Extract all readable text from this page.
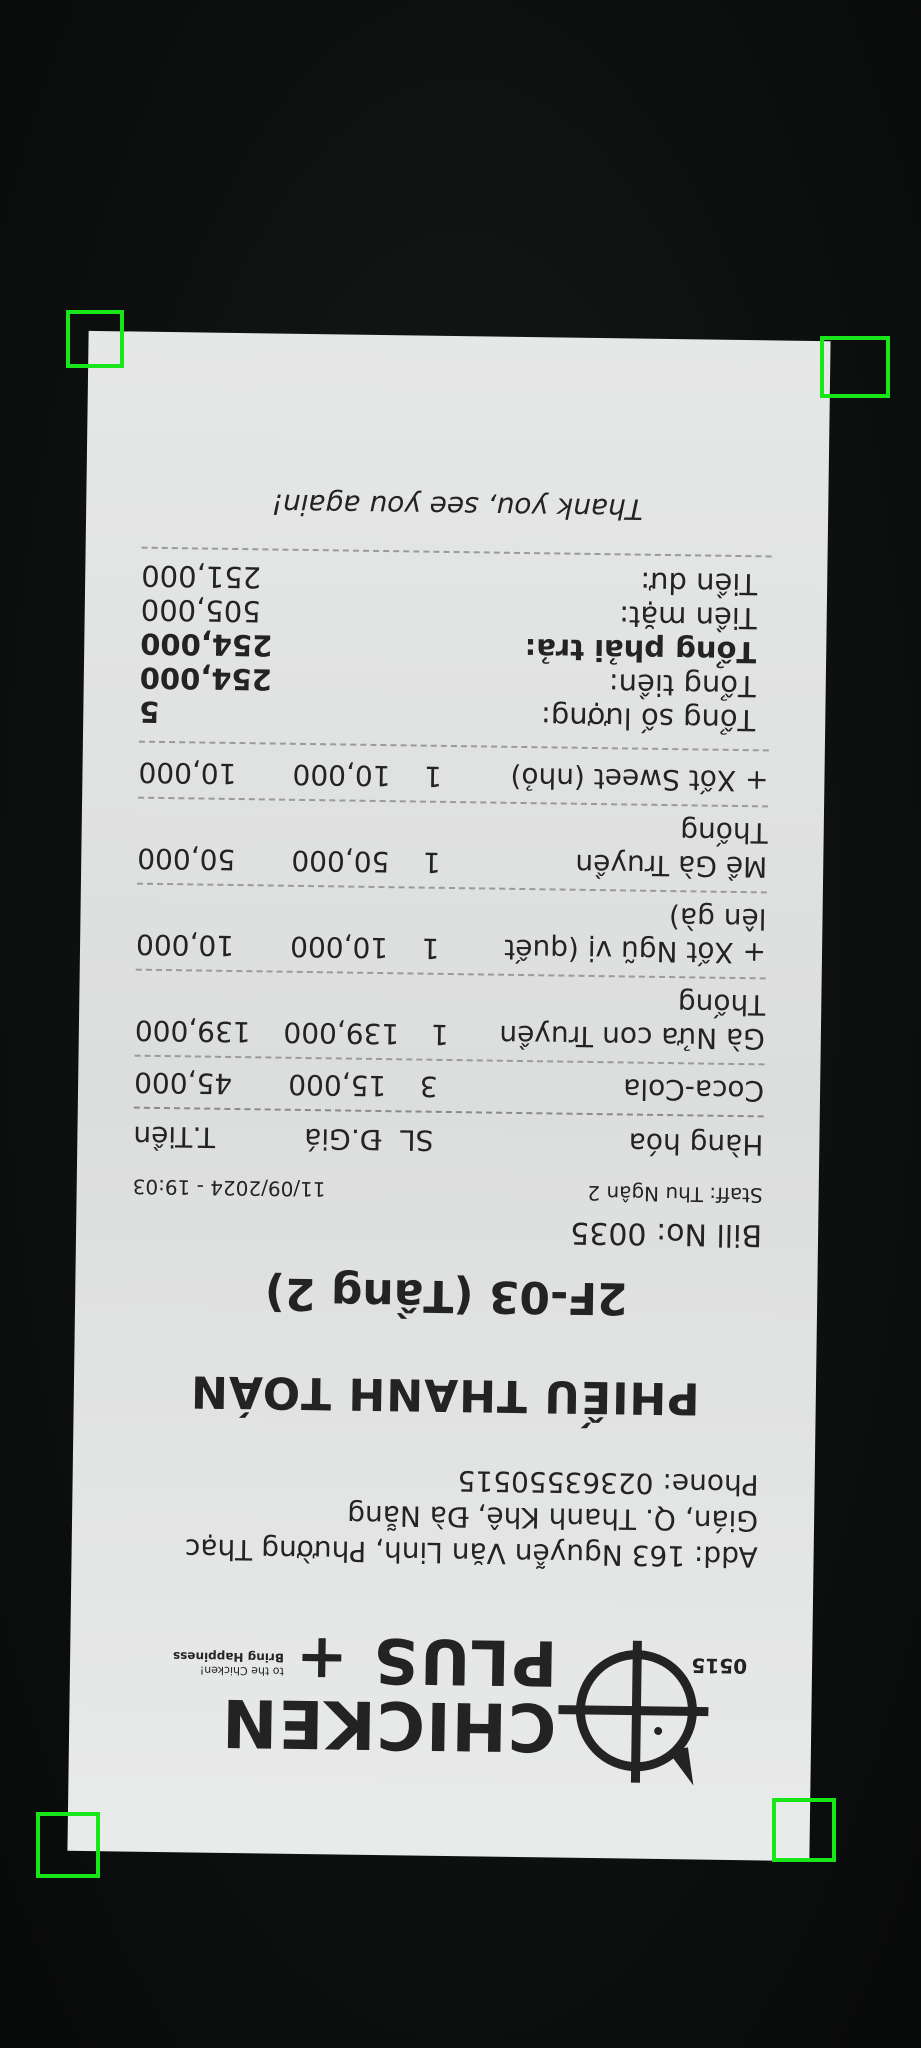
CHICKEN
PLUS +
to the Chicken!
Bring Happiness	0515
Add: 163 Nguyễn Văn Linh, Phường Thạc Gián, Q. Thanh Khê, Đà Nẵng
Phone: 02363550515
PHIẾU THANH TOÁN
2F-03 (Tầng 2)
Bill No: 0035
Staff: Thu Ngân 2
11/09/2024 - 19:03
Hàng hóa
SL
Đ.Giá
T.Tiền
Coca-Cola
3
15,000
45,000
Gà Nửa con Truyền Thống
1
139,000
139,000
+ Xốt Ngũ vị (quết lên gà)
1
10,000
10,000
Mề Gà Truyền Thống
1
50,000
50,000
+ Xốt Sweet (nhỏ)
1
10,000
10,000
Tổng số lượng:
5
Tổng tiền:
254,000
Tổng phải trả:
254,000
Tiền mặt:
505,000
Tiền dư:
251,000
Thank you, see you again!
